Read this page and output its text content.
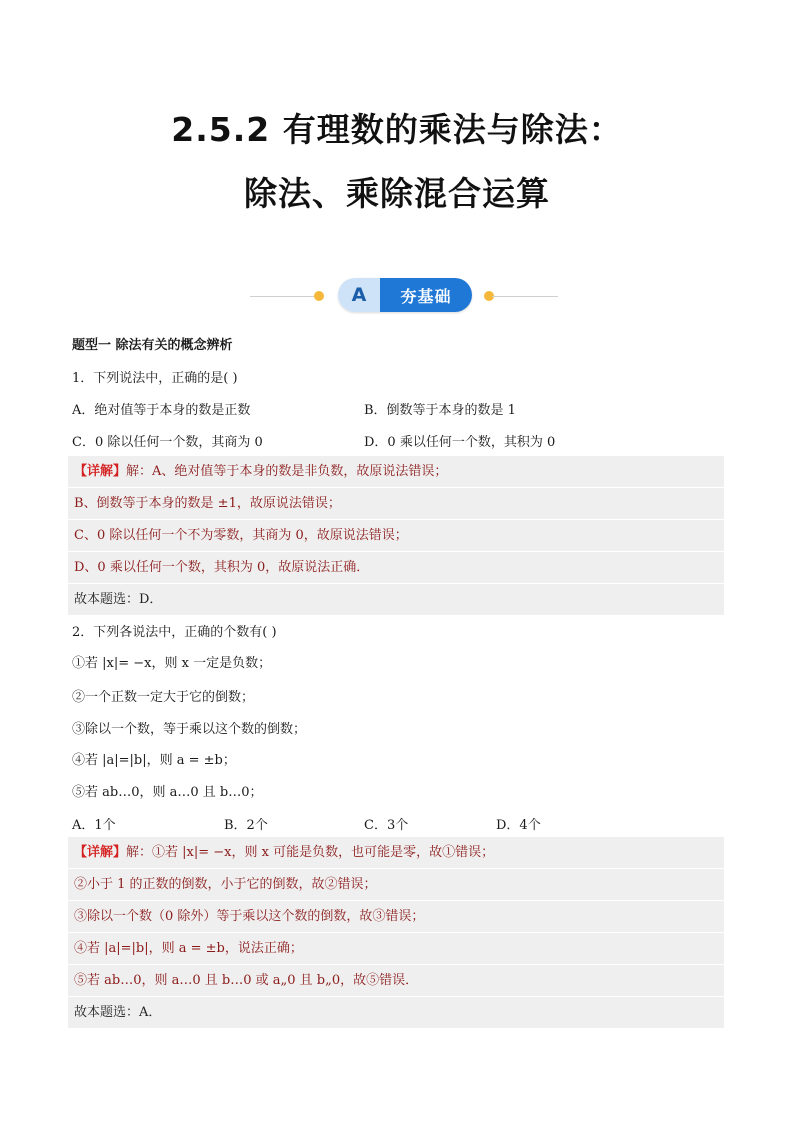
2.5.2 有理数的乘法与除法：
除法、乘除混合运算
A	夯基础
题型一 除法有关的概念辨析
1．下列说法中，正确的是( )
A．绝对值等于本身的数是正数	B．倒数等于本身的数是 1
C．0 除以任何一个数，其商为 0	D．0 乘以任何一个数，其积为 0
【详解】解：A、绝对值等于本身的数是非负数，故原说法错误；
B、倒数等于本身的数是 ±1，故原说法错误；
C、0 除以任何一个不为零数，其商为 0，故原说法错误；
D、0 乘以任何一个数，其积为 0，故原说法正确．
故本题选：D．
2．下列各说法中，正确的个数有( )
①若 |x|= −x，则 x 一定是负数；
②一个正数一定大于它的倒数；
③除以一个数，等于乘以这个数的倒数；
④若 |a|=|b|，则 a = ±b；
⑤若 ab…0，则 a…0 且 b…0；
A．1个	B．2个	C．3个	D．4个
【详解】解：①若 |x|= −x，则 x 可能是负数，也可能是零，故①错误；
②小于 1 的正数的倒数，小于它的倒数，故②错误；
③除以一个数（0 除外）等于乘以这个数的倒数，故③错误；
④若 |a|=|b|，则 a = ±b，说法正确；
⑤若 ab…0，则 a…0 且 b…0 或 a„0 且 b„0，故⑤错误．
故本题选：A．
